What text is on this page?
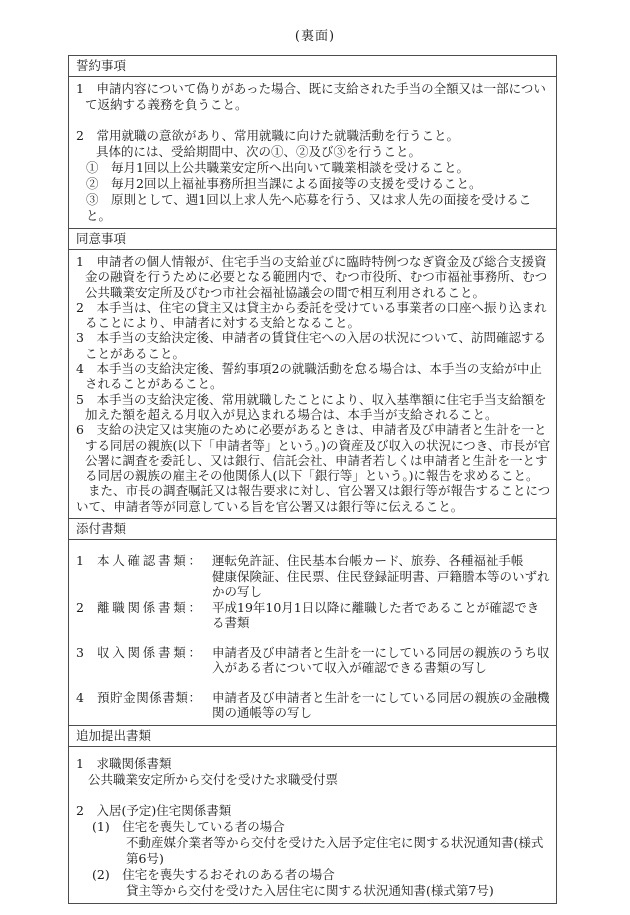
(裏面)
誓約事項

1　申請内容について偽りがあった場合、既に支給された手当の全額又は一部について返納する義務を負うこと。

2　常用就職の意欲があり、常用就職に向けた就職活動を行うこと。

具体的には、受給期間中、次の①、②及び③を行うこと。

①　毎月1回以上公共職業安定所へ出向いて職業相談を受けること。

②　毎月2回以上福祉事務所担当課による面接等の支援を受けること。

③　原則として、週1回以上求人先へ応募を行う、又は求人先の面接を受けること。

同意事項

1　申請者の個人情報が、住宅手当の支給並びに臨時特例つなぎ資金及び総合支援資金の融資を行うために必要となる範囲内で、むつ市役所、むつ市福祉事務所、むつ公共職業安定所及びむつ市社会福祉協議会の間で相互利用されること。

2　本手当は、住宅の貸主又は貸主から委託を受けている事業者の口座へ振り込まれることにより、申請者に対する支給となること。

3　本手当の支給決定後、申請者の賃貸住宅への入居の状況について、訪問確認することがあること。

4　本手当の支給決定後、誓約事項2の就職活動を怠る場合は、本手当の支給が中止されることがあること。

5　本手当の支給決定後、常用就職したことにより、収入基準額に住宅手当支給額を加えた額を超える月収入が見込まれる場合は、本手当が支給されること。

6　支給の決定又は実施のために必要があるときは、申請者及び申請者と生計を一とする同居の親族(以下「申請者等」という。)の資産及び収入の状況につき、市長が官公署に調査を委託し、又は銀行、信託会社、申請者若しくは申請者と生計を一とする同居の親族の雇主その他関係人(以下「銀行等」という。)に報告を求めること。

また、市長の調査嘱託又は報告要求に対し、官公署又は銀行等が報告することについて、申請者等が同意している旨を官公署又は銀行等に伝えること。

添付書類
1	本人確認書類： 運転免許証、住民基本台帳カード、旅券、各種福祉手帳
健康保険証、住民票、住民登録証明書、戸籍謄本等のいずれかの写し
2	離職関係書類： 平成19年10月1日以降に離職した者であることが確認できる書類
3	収入関係書類： 申請者及び申請者と生計を一にしている同居の親族のうち収入がある者について収入が確認できる書類の写し
4	預貯金関係書類： 申請者及び申請者と生計を一にしている同居の親族の金融機関の通帳等の写し
追加提出書類

1　求職関係書類

公共職業安定所から交付を受けた求職受付票

2　入居(予定)住宅関係書類

(1)　住宅を喪失している者の場合

不動産媒介業者等から交付を受けた入居予定住宅に関する状況通知書(様式第6号)

(2)　住宅を喪失するおそれのある者の場合

貸主等から交付を受けた入居住宅に関する状況通知書(様式第7号)
